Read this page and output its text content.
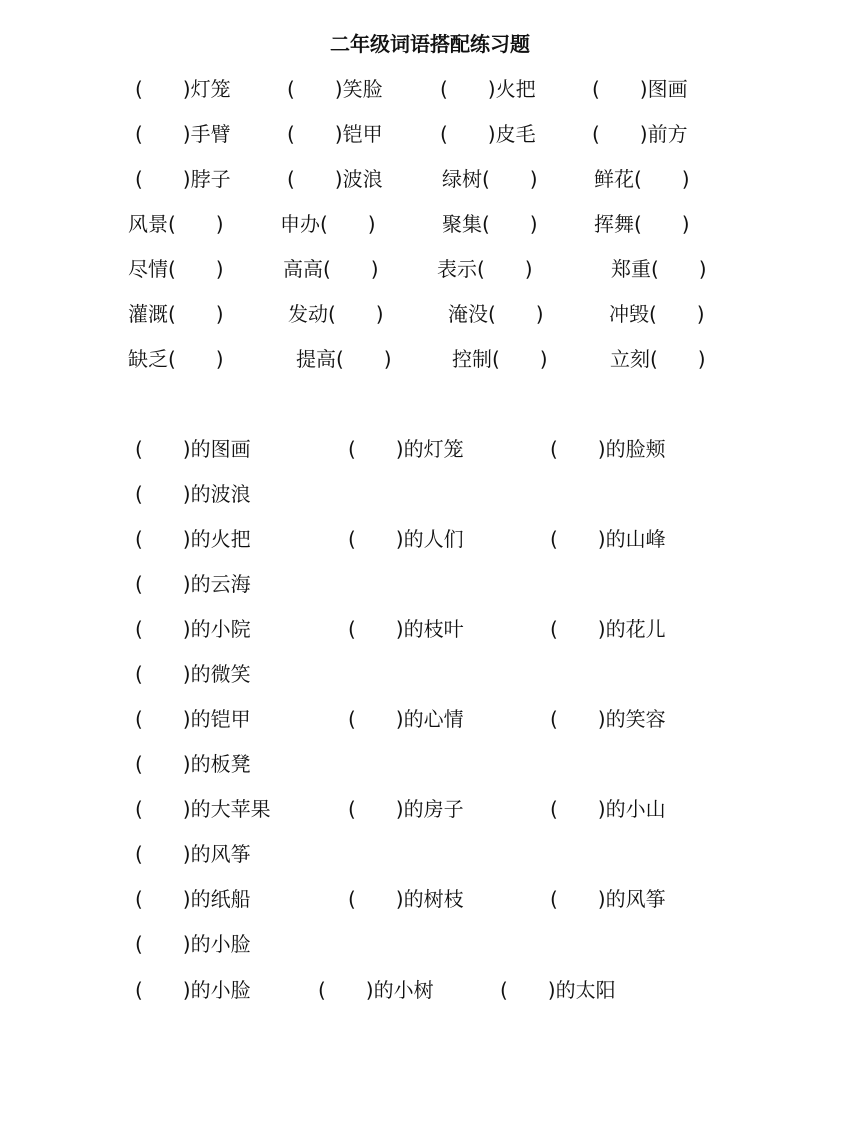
二年级词语搭配练习题
(　　)灯笼	(　　)笑脸	(　　)火把	(　　)图画
(　　)手臂	(　　)铠甲	(　　)皮毛	(　　)前方
(　　)脖子	(　　)波浪	绿树(　　)	鲜花(　　)
风景(　　)	申办(　　)	聚集(　　)	挥舞(　　)
尽情(　　)	高高(　　)	表示(　　)	郑重(　　)
灌溉(　　)	发动(　　)	淹没(　　)	冲毁(　　)
缺乏(　　)	提高(　　)	控制(　　)	立刻(　　)
(　　)的图画	(　　)的灯笼	(　　)的脸颊
(　　)的波浪
(　　)的火把	(　　)的人们	(　　)的山峰
(　　)的云海
(　　)的小院	(　　)的枝叶	(　　)的花儿
(　　)的微笑
(　　)的铠甲	(　　)的心情	(　　)的笑容
(　　)的板凳
(　　)的大苹果	(　　)的房子	(　　)的小山
(　　)的风筝
(　　)的纸船	(　　)的树枝	(　　)的风筝
(　　)的小脸
(　　)的小脸	(　　)的小树	(　　)的太阳
